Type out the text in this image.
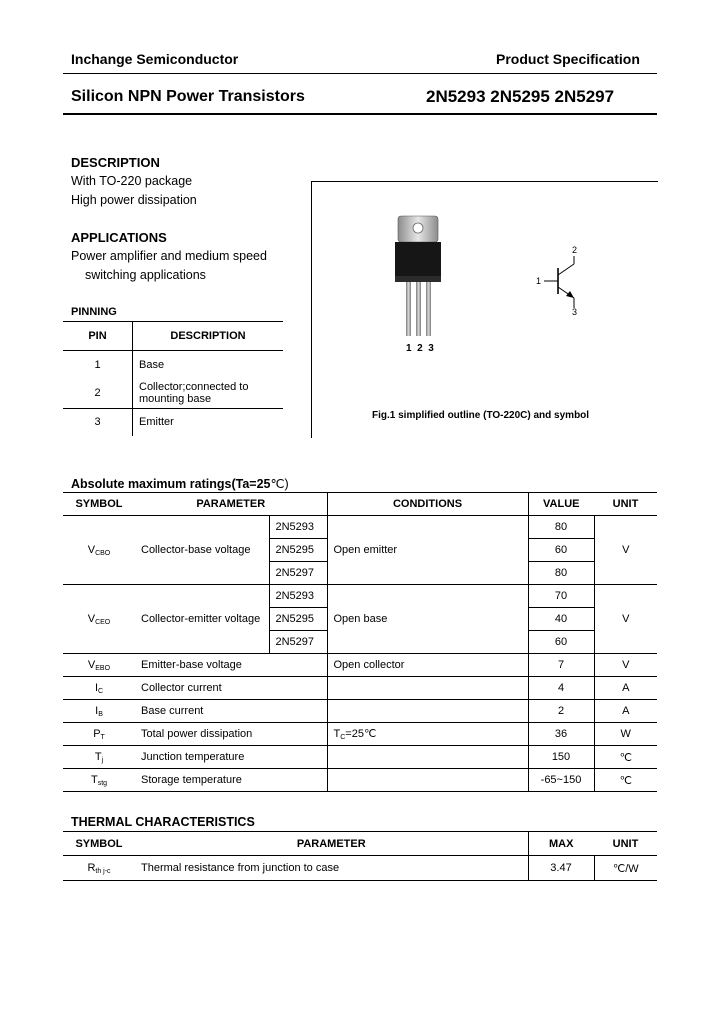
Inchange Semiconductor	Product Specification
Silicon NPN Power Transistors	2N5293 2N5295 2N5297
DESCRIPTION
With TO-220 package
High power dissipation
APPLICATIONS
Power amplifier and medium speed
switching applications
PINNING
PIN	DESCRIPTION
1	Base
2	Collector;connected to
mounting base
3	Emitter
1  2  3
1
2
3
Fig.1 simplified outline (TO-220C) and symbol
Absolute maximum ratings(Ta=25℃)
SYMBOL	PARAMETER		CONDITIONS	VALUE	UNIT
$V_{CBO}$	Collector-base voltage	2N5293	Open emitter	80	V
		2N5295		60	
		2N5297		80	
$V_{CEO}$	Collector-emitter voltage	2N5293	Open base	70	V
		2N5295		40	
		2N5297		60	
$V_{EBO}$	Emitter-base voltage		Open collector	7	V
$I_C$	Collector current			4	A
$I_B$	Base current			2	A
$P_T$	Total power dissipation		$T_C=25℃$	36	W
$T_j$	Junction temperature			150	℃
$T_{stg}$	Storage temperature			-65~150	℃
THERMAL CHARACTERISTICS
SYMBOL	PARAMETER	MAX	UNIT
$R_{th j-c}$	Thermal resistance from junction to case	3.47	℃/W
